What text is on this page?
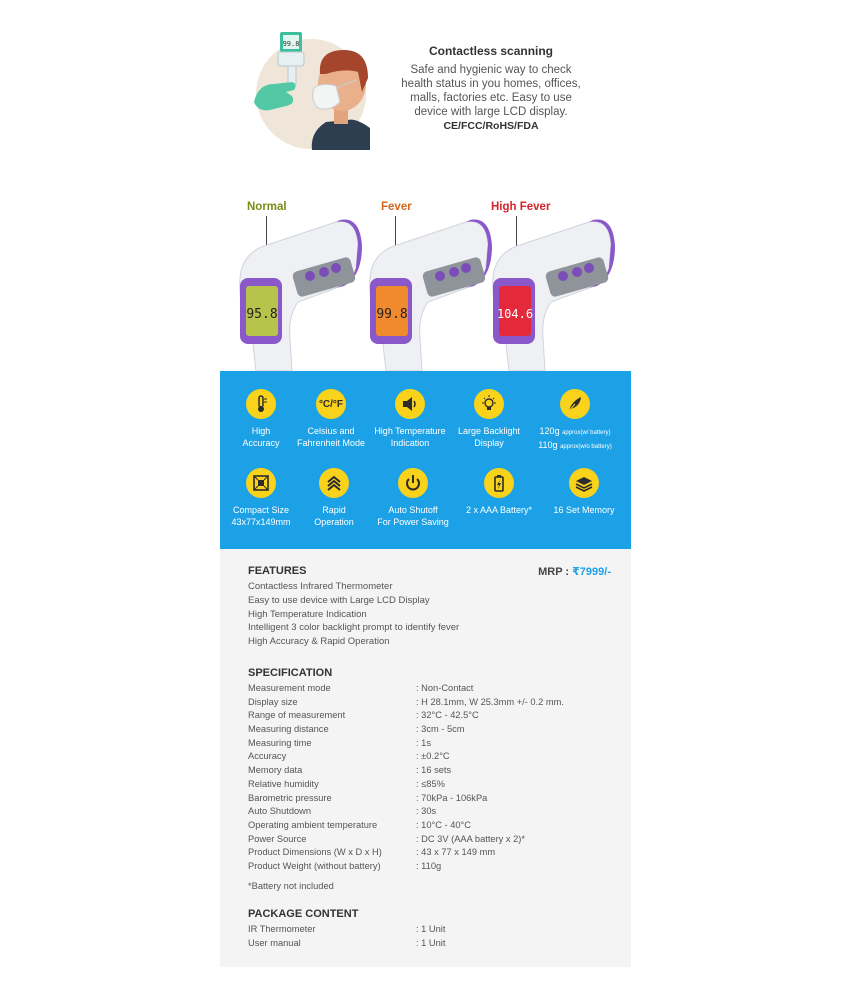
99.8	Contactless scanning
Safe and hygienic way to check
health status in you homes, offices,
malls, factories etc. Easy to use
device with large LCD display.
CE/FCC/RoHS/FDA
Normal
95.8
Fever
99.8
High Fever
104.6
High
Accuracy
°C/°F
Celsius and
Fahrenheit Mode
High Temperature
Indication
Large Backlight
Display
120g approx(w/ battery)
110g approx(w/o battery)
Compact Size
43x77x149mm
Rapid
Operation
Auto Shutoff
For Power Saving
2 x AAA Battery*	16 Set Memory
FEATURES	MRP : ₹7999/-
Contactless Infrared Thermometer
Easy to use device with Large LCD Display
High Temperature Indication
Intelligent 3 color backlight prompt to identify fever
High Accuracy & Rapid Operation
SPECIFICATION
Measurement mode	: Non-Contact
Display size	: H 28.1mm, W 25.3mm +/- 0.2 mm.
Range of measurement	: 32°C - 42.5°C
Measuring distance	: 3cm - 5cm
Measuring time	: 1s
Accuracy	: ±0.2°C
Memory data	: 16 sets
Relative humidity	: ≤85%
Barometric pressure	: 70kPa - 106kPa
Auto Shutdown	: 30s
Operating ambient temperature	: 10°C - 40°C
Power Source	: DC 3V (AAA battery x 2)*
Product Dimensions (W x D x H)	: 43 x 77 x 149 mm
Product Weight (without battery)	: 110g
*Battery not included
PACKAGE CONTENT
IR Thermometer	: 1 Unit
User manual	: 1 Unit
